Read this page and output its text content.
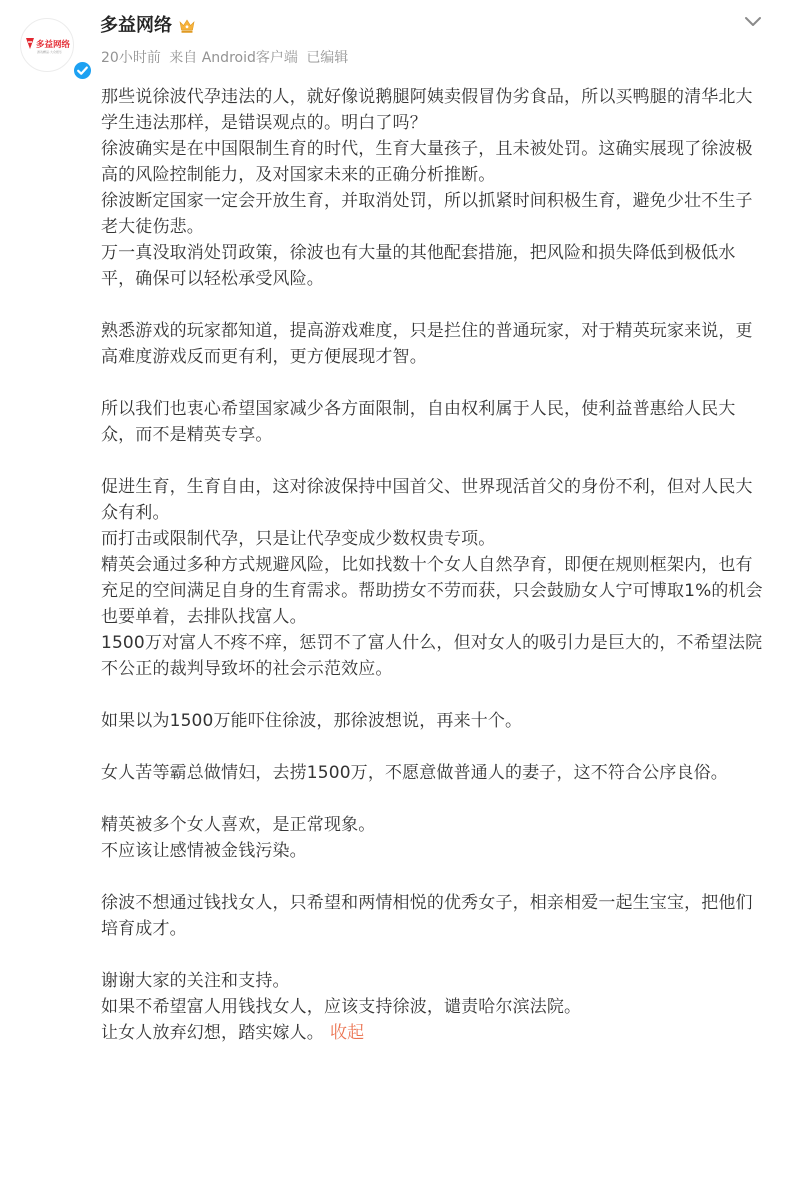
多益网络
游戏精品·大众娱乐
多益网络
20小时前 来自 Android客户端 已编辑

那些说徐波代孕违法的人，就好像说鹅腿阿姨卖假冒伪劣食品，所以买鸭腿的清华北大学生违法那样，是错误观点的。明白了吗？

徐波确实是在中国限制生育的时代，生育大量孩子，且未被处罚。这确实展现了徐波极高的风险控制能力，及对国家未来的正确分析推断。

徐波断定国家一定会开放生育，并取消处罚，所以抓紧时间积极生育，避免少壮不生子老大徒伤悲。

万一真没取消处罚政策，徐波也有大量的其他配套措施，把风险和损失降低到极低水平，确保可以轻松承受风险。

熟悉游戏的玩家都知道，提高游戏难度，只是拦住的普通玩家，对于精英玩家来说，更高难度游戏反而更有利，更方便展现才智。

所以我们也衷心希望国家减少各方面限制，自由权利属于人民，使利益普惠给人民大众，而不是精英专享。

促进生育，生育自由，这对徐波保持中国首父、世界现活首父的身份不利，但对人民大众有利。

而打击或限制代孕，只是让代孕变成少数权贵专项。

精英会通过多种方式规避风险，比如找数十个女人自然孕育，即便在规则框架内，也有充足的空间满足自身的生育需求。帮助捞女不劳而获，只会鼓励女人宁可博取1%的机会也要单着，去排队找富人。

1500万对富人不疼不痒，惩罚不了富人什么，但对女人的吸引力是巨大的，不希望法院不公正的裁判导致坏的社会示范效应。

如果以为1500万能吓住徐波，那徐波想说，再来十个。

女人苦等霸总做情妇，去捞1500万，不愿意做普通人的妻子，这不符合公序良俗。

精英被多个女人喜欢，是正常现象。

不应该让感情被金钱污染。

徐波不想通过钱找女人，只希望和两情相悦的优秀女子，相亲相爱一起生宝宝，把他们培育成才。

谢谢大家的关注和支持。

如果不希望富人用钱找女人，应该支持徐波，谴责哈尔滨法院。

让女人放弃幻想，踏实嫁人。 收起
